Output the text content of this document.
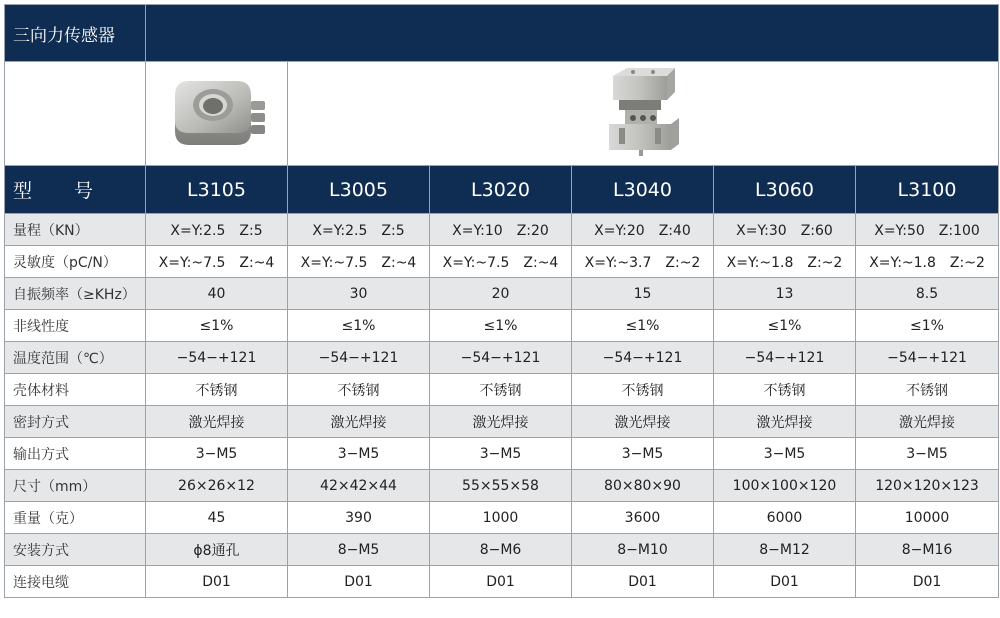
三向力传感器						

型 号	L3105	L3005	L3020	L3040	L3060	L3100
量程（KN）	X=Y:2.5　Z:5	X=Y:2.5　Z:5	X=Y:10　Z:20	X=Y:20　Z:40	X=Y:30　Z:60	X=Y:50　Z:100
灵敏度（pC/N）	X=Y:~7.5　Z:~4	X=Y:~7.5　Z:~4	X=Y:~7.5　Z:~4	X=Y:~3.7　Z:~2	X=Y:~1.8　Z:~2	X=Y:~1.8　Z:~2
自振频率（≥KHz）	40	30	20	15	13	8.5
非线性度	≤1%	≤1%	≤1%	≤1%	≤1%	≤1%
温度范围（℃）	−54−+121	−54−+121	−54−+121	−54−+121	−54−+121	−54−+121
壳体材料	不锈钢	不锈钢	不锈钢	不锈钢	不锈钢	不锈钢
密封方式	激光焊接	激光焊接	激光焊接	激光焊接	激光焊接	激光焊接
输出方式	3−M5	3−M5	3−M5	3−M5	3−M5	3−M5
尺寸（mm）	26×26×12	42×42×44	55×55×58	80×80×90	100×100×120	120×120×123
重量（克）	45	390	1000	3600	6000	10000
安装方式	ϕ8通孔	8−M5	8−M6	8−M10	8−M12	8−M16
连接电缆	D01	D01	D01	D01	D01	D01
